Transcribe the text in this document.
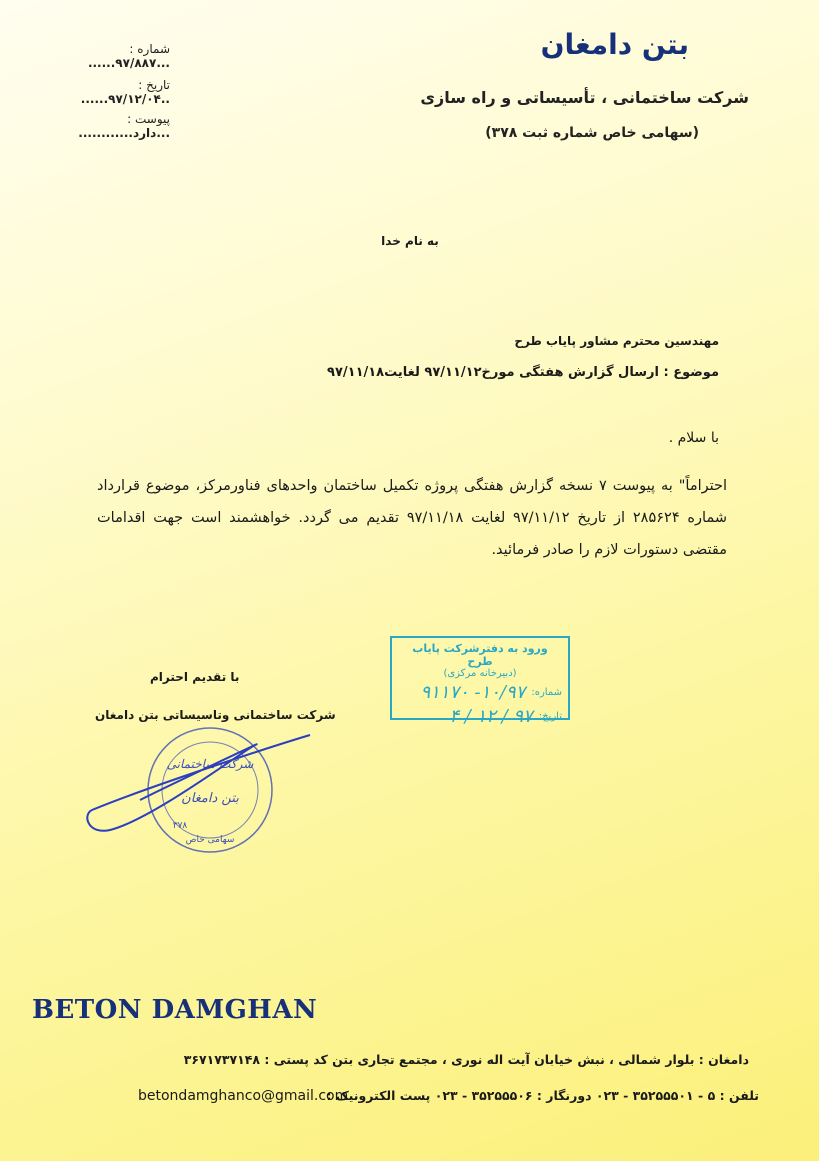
شماره : ...۹۷/۸۸۷......
تاریخ : ..۹۷/۱۲/۰۴......
پیوست : ...دارد............
بتن دامغان
شرکت ساختمانی ، تأسیساتی و راه سازی
(سهامی خاص شماره ثبت ۳۷۸)
به نام خدا
مهندسین محترم مشاور پایاب طرح
موضوع : ارسال گزارش هفتگی مورخ۹۷/۱۱/۱۲ لغایت۹۷/۱۱/۱۸
با سلام .
احتراماً" به پیوست ۷ نسخه گزارش هفتگی پروژه تکمیل ساختمان واحدهای فناورمرکز، موضوع قرارداد شماره ۲۸۵۶۲۴ از تاریخ ۹۷/۱۱/۱۲ لغایت ۹۷/۱۱/۱۸ تقدیم می گردد. خواهشمند است جهت اقدامات مقتضی دستورات لازم را صادر فرمائید.
ورود به دفترشرکت پایاب طرح
(دبیرخانه مرکزی)
شماره:
۱۰/۹۷- ۹۱۱۷۰
تاریخ:
۹۷ / ۱۲ / ۴
با تقدیم احترام
شرکت ساختمانی وتاسیساتی بتن دامغان
شرکت ساختمانی
بتن دامغان
۳۷۸
سهامی خاص
BETON DAMGHAN
دامغان : بلوار شمالی ، نبش خیابان آیت اله نوری ، مجتمع تجاری بتن کد پستی : ۳۶۷۱۷۳۷۱۴۸
تلفن : ۵ - ۳۵۲۵۵۵۰۱ - ۰۲۳ دورنگار : ۳۵۲۵۵۵۰۶ - ۰۲۳ پست الکترونیک :
betondamghanco@gmail.com
